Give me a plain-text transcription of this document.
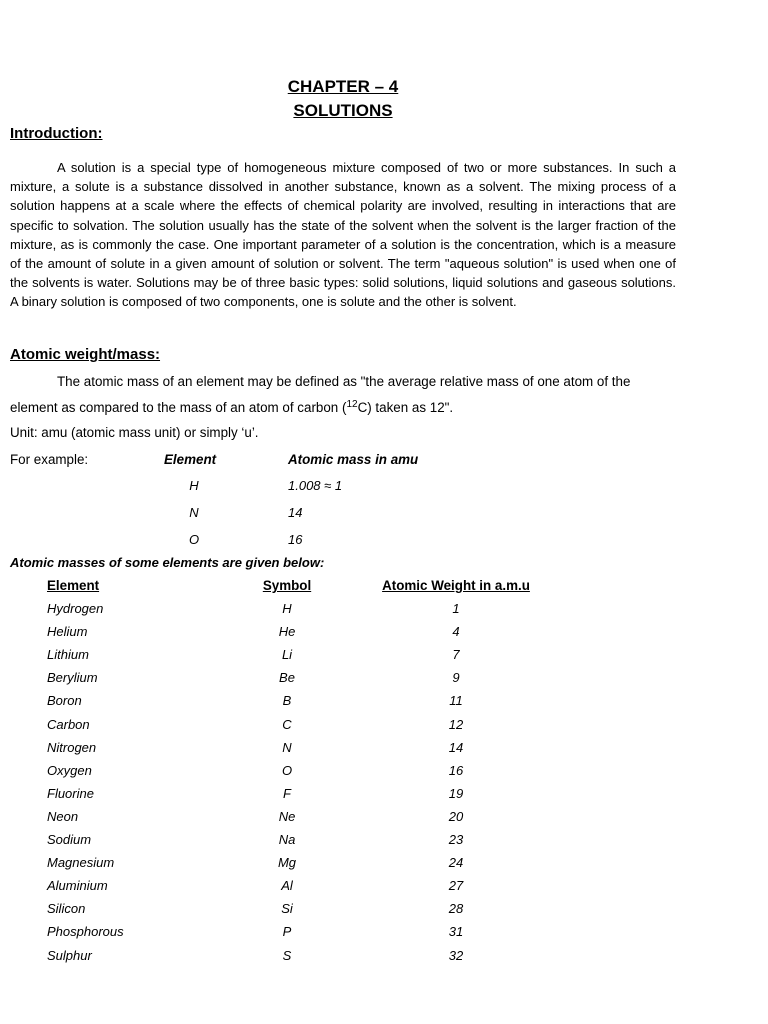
CHAPTER – 4
SOLUTIONS
Introduction:
A solution is a special type of homogeneous mixture composed of two or more substances. In such a mixture, a solute is a substance dissolved in another substance, known as a solvent. The mixing process of a solution happens at a scale where the effects of chemical polarity are involved, resulting in interactions that are specific to solvation. The solution usually has the state of the solvent when the solvent is the larger fraction of the mixture, as is commonly the case. One important parameter of a solution is the concentration, which is a measure of the amount of solute in a given amount of solution or solvent. The term "aqueous solution" is used when one of the solvents is water. Solutions may be of three basic types: solid solutions, liquid solutions and gaseous solutions. A binary solution is composed of two components, one is solute and the other is solvent.
Atomic weight/mass:
The atomic mass of an element may be defined as "the average relative mass of one atom of the
element as compared to the mass of an atom of carbon ($^{12}$C) taken as 12".
Unit: amu (atomic mass unit) or simply ‘u’.
For example:	Element	Atomic mass in amu
H	1.008 ≈ 1
N	14
O	16
Atomic masses of some elements are given below:
Element	Symbol	Atomic Weight in a.m.u
Hydrogen	H	1
Helium	He	4
Lithium	Li	7
Berylium	Be	9
Boron	B	11
Carbon	C	12
Nitrogen	N	14
Oxygen	O	16
Fluorine	F	19
Neon	Ne	20
Sodium	Na	23
Magnesium	Mg	24
Aluminium	Al	27
Silicon	Si	28
Phosphorous	P	31
Sulphur	S	32
